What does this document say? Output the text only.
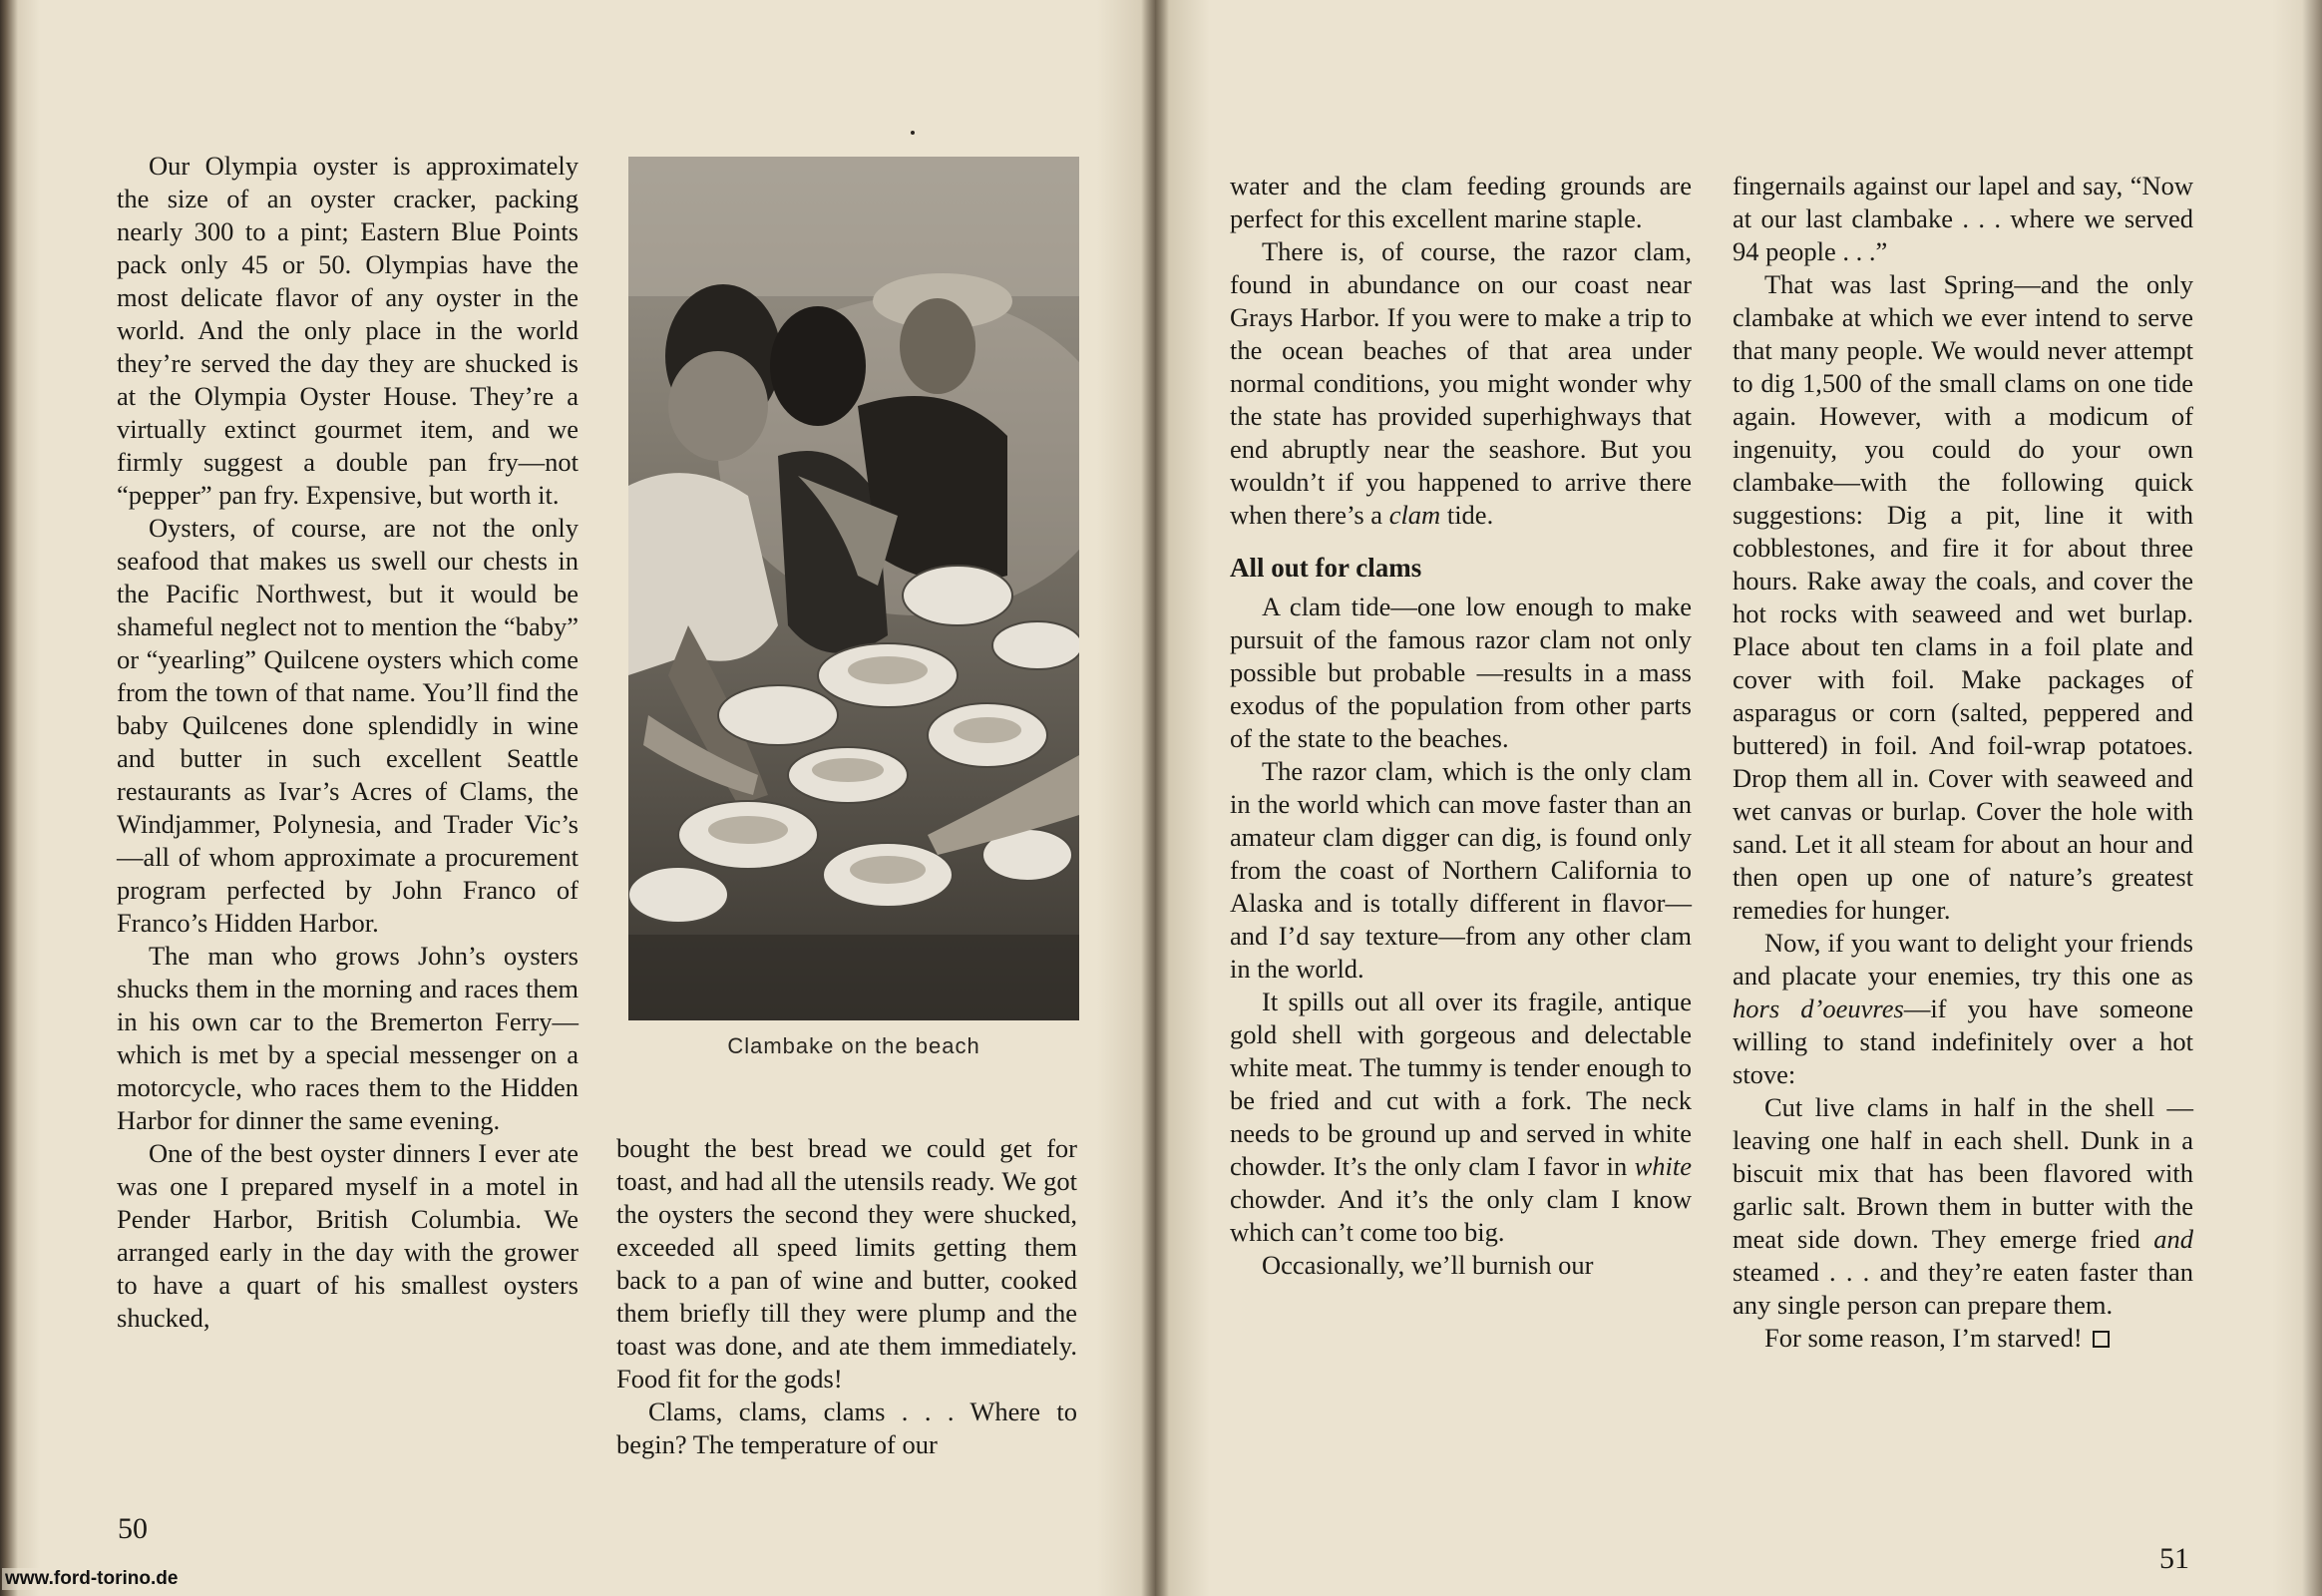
Our Olympia oyster is approximately the size of an oyster cracker, packing nearly 300 to a pint; Eastern Blue Points pack only 45 or 50. Olympias have the most delicate flavor of any oyster in the world. And the only place in the world they’re served the day they are shucked is at the Olympia Oyster House. They’re a virtually extinct gourmet item, and we firmly suggest a double pan fry—not “pepper” pan fry. Expensive, but worth it.

Oysters, of course, are not the only seafood that makes us swell our chests in the Pacific Northwest, but it would be shameful neglect not to mention the “baby” or “yearling” Quilcene oysters which come from the town of that name. You’ll find the baby Quilcenes done splendidly in wine and butter in such excellent Seattle restaurants as Ivar’s Acres of Clams, the Windjammer, Polynesia, and Trader Vic’s—all of whom approximate a procurement program perfected by John Franco of Franco’s Hidden Harbor.

The man who grows John’s oysters shucks them in the morning and races them in his own car to the Bremerton Ferry—which is met by a special messenger on a motorcycle, who races them to the Hidden Harbor for dinner the same evening.

One of the best oyster dinners I ever ate was one I prepared myself in a motel in Pender Harbor, British Columbia. We arranged early in the day with the grower to have a quart of his smallest oysters shucked,

Clambake on the beach

bought the best bread we could get for toast, and had all the utensils ready. We got the oysters the second they were shucked, exceeded all speed limits getting them back to a pan of wine and butter, cooked them briefly till they were plump and the toast was done, and ate them immediately. Food fit for the gods!

Clams, clams, clams . . . Where to begin? The temperature of our

50

water and the clam feeding grounds are perfect for this excellent marine staple.

There is, of course, the razor clam, found in abundance on our coast near Grays Harbor. If you were to make a trip to the ocean beaches of that area under normal conditions, you might wonder why the state has provided superhighways that end abruptly near the seashore. But you wouldn’t if you happened to arrive there when there’s a clam tide.

All out for clams

A clam tide—one low enough to make pursuit of the famous razor clam not only possible but probable —results in a mass exodus of the population from other parts of the state to the beaches.

The razor clam, which is the only clam in the world which can move faster than an amateur clam digger can dig, is found only from the coast of Northern California to Alaska and is totally different in flavor—and I’d say texture—from any other clam in the world.

It spills out all over its fragile, antique gold shell with gorgeous and delectable white meat. The tummy is tender enough to be fried and cut with a fork. The neck needs to be ground up and served in white chowder. It’s the only clam I favor in white chowder. And it’s the only clam I know which can’t come too big.

Occasionally, we’ll burnish our

fingernails against our lapel and say, “Now at our last clambake . . . where we served 94 people . . .”

That was last Spring—and the only clambake at which we ever intend to serve that many people. We would never attempt to dig 1,500 of the small clams on one tide again. However, with a modicum of ingenuity, you could do your own clambake—with the following quick suggestions: Dig a pit, line it with cobblestones, and fire it for about three hours. Rake away the coals, and cover the hot rocks with seaweed and wet burlap. Place about ten clams in a foil plate and cover with foil. Make packages of asparagus or corn (salted, peppered and buttered) in foil. And foil-wrap potatoes. Drop them all in. Cover with seaweed and wet canvas or burlap. Cover the hole with sand. Let it all steam for about an hour and then open up one of nature’s greatest remedies for hunger.

Now, if you want to delight your friends and placate your enemies, try this one as hors d’oeuvres—if you have someone willing to stand indefinitely over a hot stove:

Cut live clams in half in the shell —leaving one half in each shell. Dunk in a biscuit mix that has been flavored with garlic salt. Brown them in butter with the meat side down. They emerge fried and steamed . . . and they’re eaten faster than any single person can prepare them.

For some reason, I’m starved!

51
www.ford-torino.de
